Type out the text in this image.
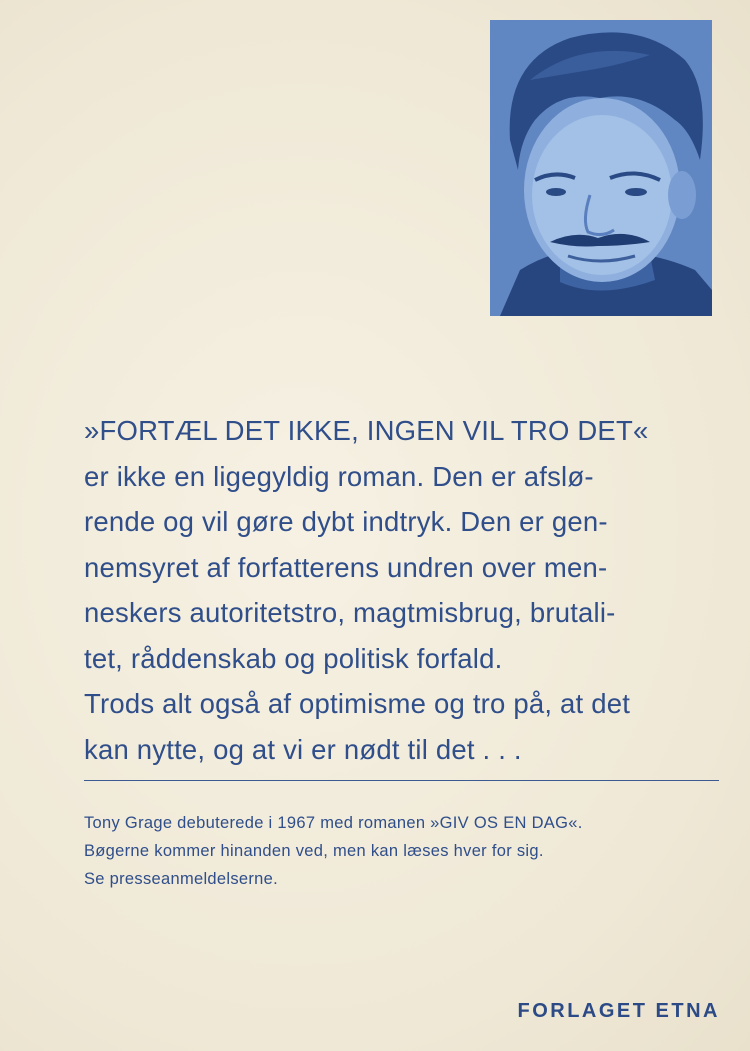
»FORTÆL DET IKKE, INGEN VIL TRO DET«
er ikke en ligegyldig roman. Den er afslø-
rende og vil gøre dybt indtryk. Den er gen-
nemsyret af forfatterens undren over men-
neskers autoritetstro, magtmisbrug, brutali-
tet, råddenskab og politisk forfald.
Trods alt også af optimisme og tro på, at det
kan nytte, og at vi er nødt til det . . .
Tony Grage debuterede i 1967 med romanen »GIV OS EN DAG«.
Bøgerne kommer hinanden ved, men kan læses hver for sig.
Se presseanmeldelserne.
FORLAGET ETNA
